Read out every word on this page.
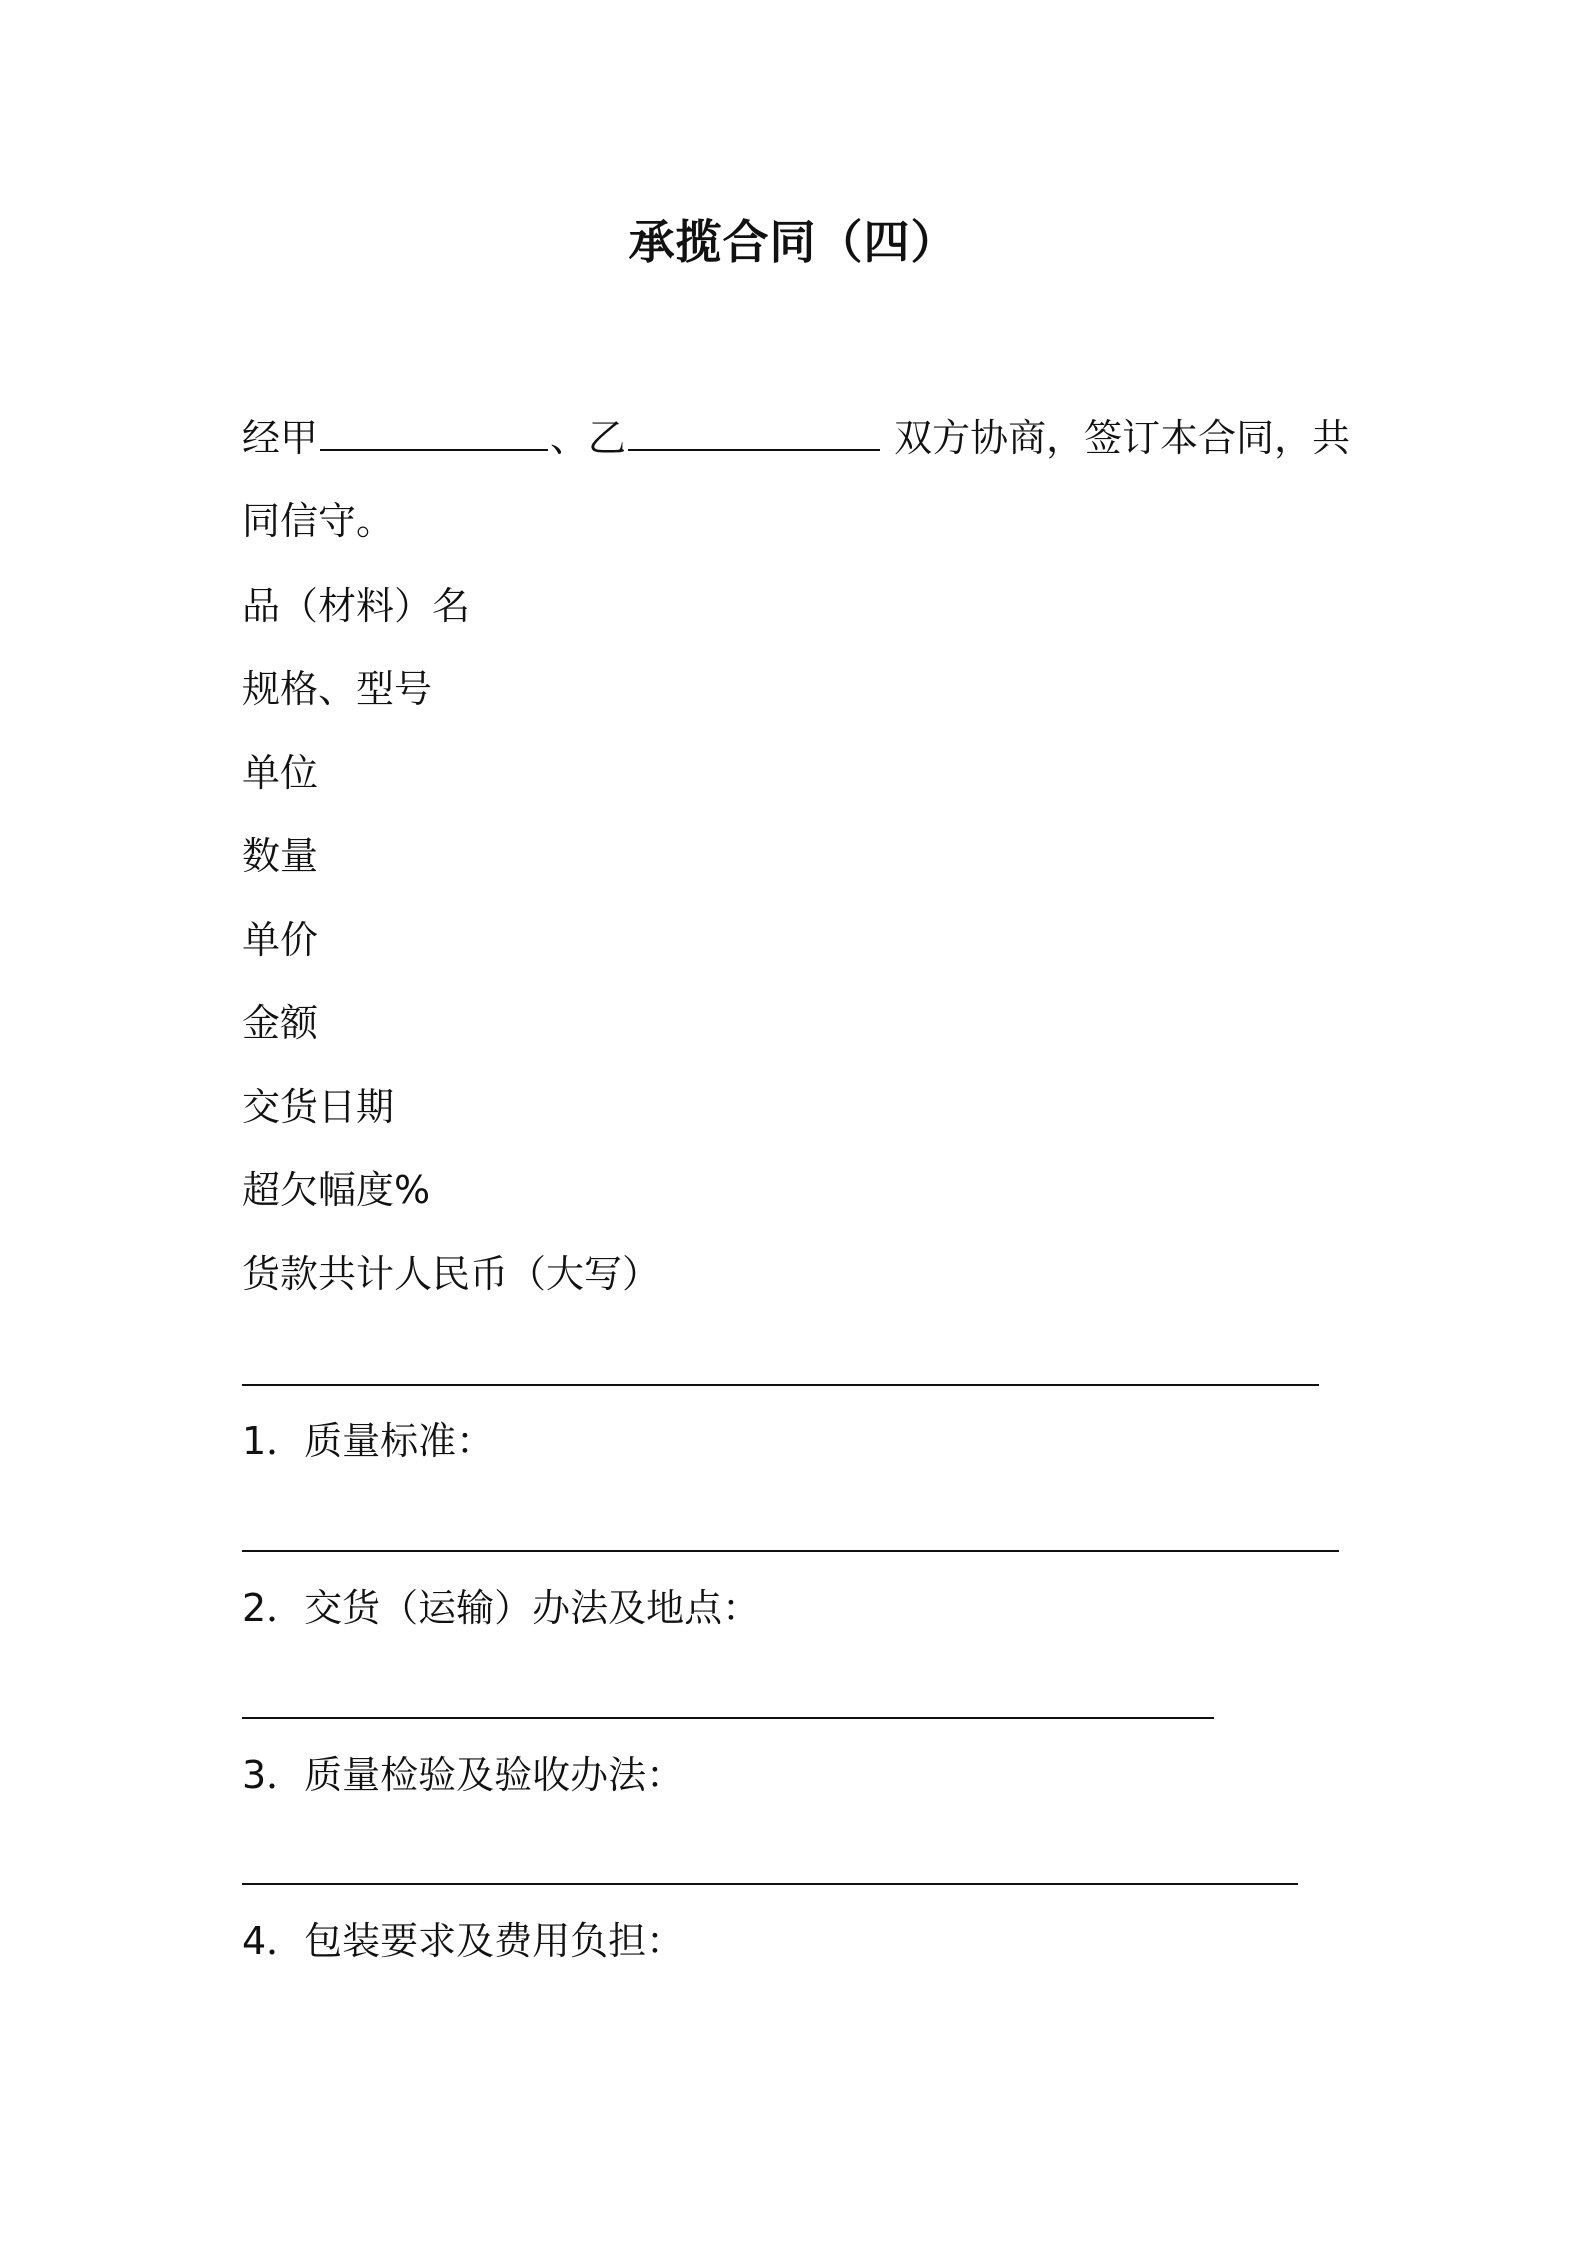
承揽合同（四）
经甲	、乙	双方协商，签订本合同，共
同信守。
品（材料）名
规格、型号
单位
数量
单价
金额
交货日期
超欠幅度%
货款共计人民币（大写）
1．质量标准：
2．交货（运输）办法及地点：
3．质量检验及验收办法：
4．包装要求及费用负担：
